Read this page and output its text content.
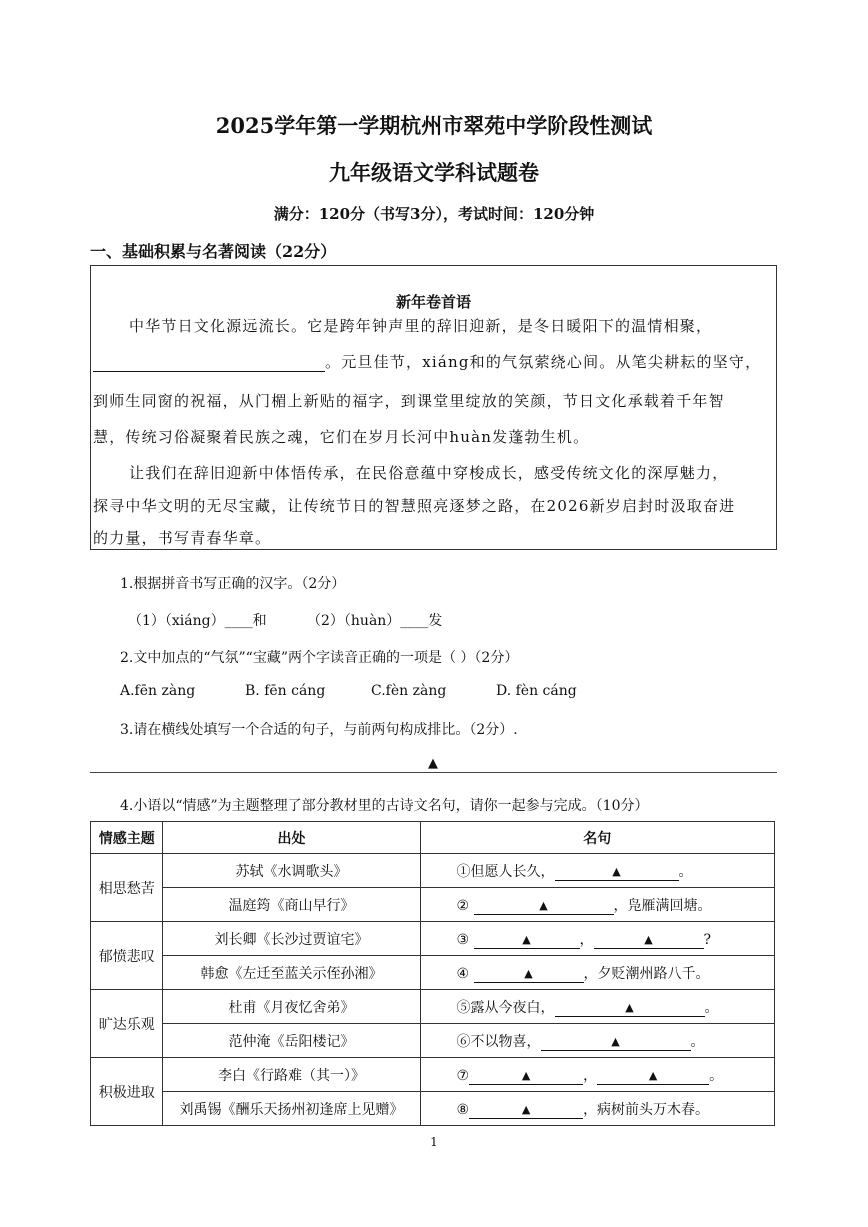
2025学年第一学期杭州市翠苑中学阶段性测试
九年级语文学科试题卷
满分：120分（书写3分），考试时间：120分钟
一、基础积累与名著阅读（22分）
新年卷首语
中华节日文化源远流长。它是跨年钟声里的辞旧迎新，是冬日暖阳下的温情相聚，
。元旦佳节，xiáng和的气氛萦绕心间。从笔尖耕耘的坚守，
到师生同窗的祝福，从门楣上新贴的福字，到课堂里绽放的笑颜，节日文化承载着千年智
慧，传统习俗凝聚着民族之魂，它们在岁月长河中huàn发蓬勃生机。
让我们在辞旧迎新中体悟传承，在民俗意蕴中穿梭成长，感受传统文化的深厚魅力，
探寻中华文明的无尽宝藏，让传统节日的智慧照亮逐梦之路，在2026新岁启封时汲取奋进
的力量，书写青春华章。
1.根据拼音书写正确的汉字。（2分）
（1）（xiáng）____和	（2）（huàn）____发
2.文中加点的“气氛”“宝藏”两个字读音正确的一项是（ ）（2分）
A.fēn zàng	B. fēn cáng	C.fèn zàng	D. fèn cáng
3.请在横线处填写一个合适的句子，与前两句构成排比。（2分）.
▲
4.小语以“情感”为主题整理了部分教材里的古诗文名句，请你一起参与完成。（10分）
情感主题	出处	名句
相思愁苦	苏轼《水调歌头》	①但愿人长久， ▲ 。
	温庭筠《商山早行》	② ▲ ，凫雁满回塘。
郁愤悲叹	刘长卿《长沙过贾谊宅》	③ ▲ ， ▲ ?
	韩愈《左迁至蓝关示侄孙湘》	④ ▲ ，夕贬潮州路八千。
旷达乐观	杜甫《月夜忆舍弟》	⑤露从今夜白， ▲ 。
	范仲淹《岳阳楼记》	⑥不以物喜， ▲ 。
积极进取	李白《行路难（其一）》	⑦ ▲ ， ▲ 。
	刘禹锡《酬乐天扬州初逢席上见赠》	⑧ ▲ ，病树前头万木春。
1
